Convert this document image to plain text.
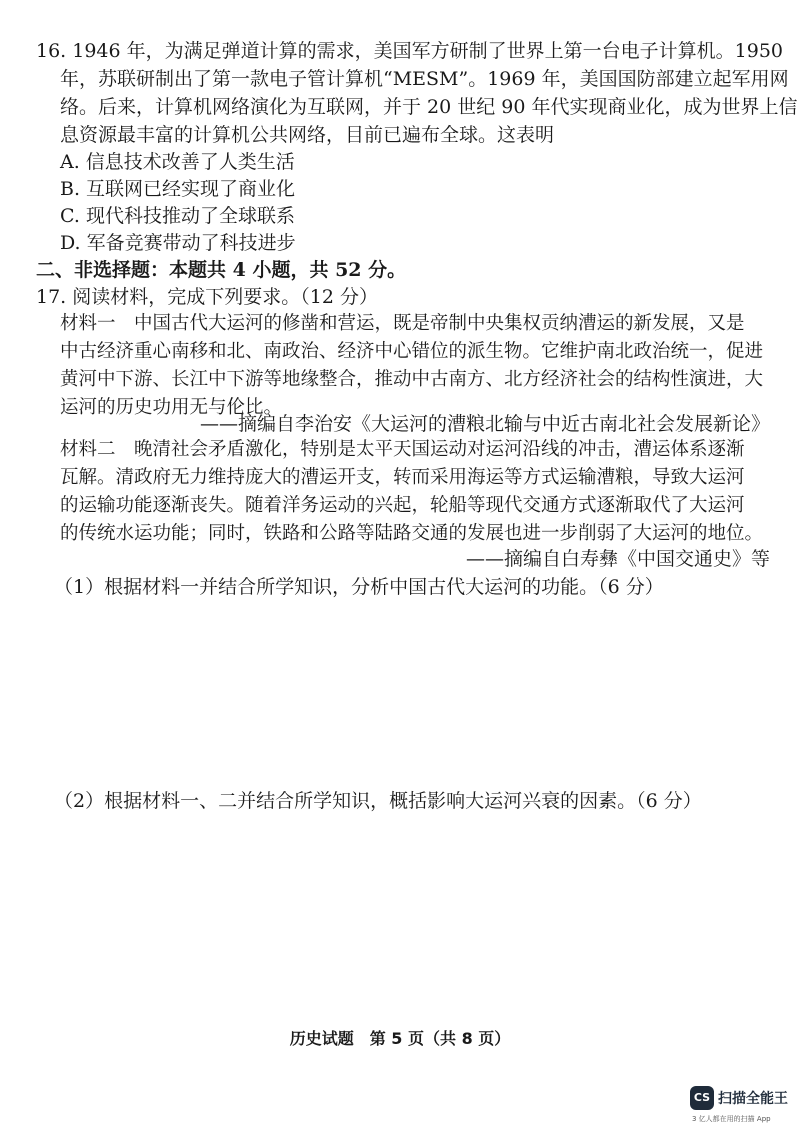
16. 1946 年，为满足弹道计算的需求，美国军方研制了世界上第一台电子计算机。1950
年，苏联研制出了第一款电子管计算机“MESM”。1969 年，美国国防部建立起军用网
络。后来，计算机网络演化为互联网，并于 20 世纪 90 年代实现商业化，成为世界上信
息资源最丰富的计算机公共网络，目前已遍布全球。这表明
A. 信息技术改善了人类生活
B. 互联网已经实现了商业化
C. 现代科技推动了全球联系
D. 军备竞赛带动了科技进步
二、非选择题：本题共 4 小题，共 52 分。
17. 阅读材料，完成下列要求。（12 分）
材料一　中国古代大运河的修凿和营运，既是帝制中央集权贡纳漕运的新发展，又是
中古经济重心南移和北、南政治、经济中心错位的派生物。它维护南北政治统一，促进
黄河中下游、长江中下游等地缘整合，推动中古南方、北方经济社会的结构性演进，大
运河的历史功用无与伦比。
——摘编自李治安《大运河的漕粮北输与中近古南北社会发展新论》
材料二　晚清社会矛盾激化，特别是太平天国运动对运河沿线的冲击，漕运体系逐渐
瓦解。清政府无力维持庞大的漕运开支，转而采用海运等方式运输漕粮，导致大运河
的运输功能逐渐丧失。随着洋务运动的兴起，轮船等现代交通方式逐渐取代了大运河
的传统水运功能；同时，铁路和公路等陆路交通的发展也进一步削弱了大运河的地位。
——摘编自白寿彝《中国交通史》等
（1）根据材料一并结合所学知识，分析中国古代大运河的功能。（6 分）
（2）根据材料一、二并结合所学知识，概括影响大运河兴衰的因素。（6 分）
历史试题　第 5 页（共 8 页）
CS 扫描全能王
3 亿人都在用的扫描 App
